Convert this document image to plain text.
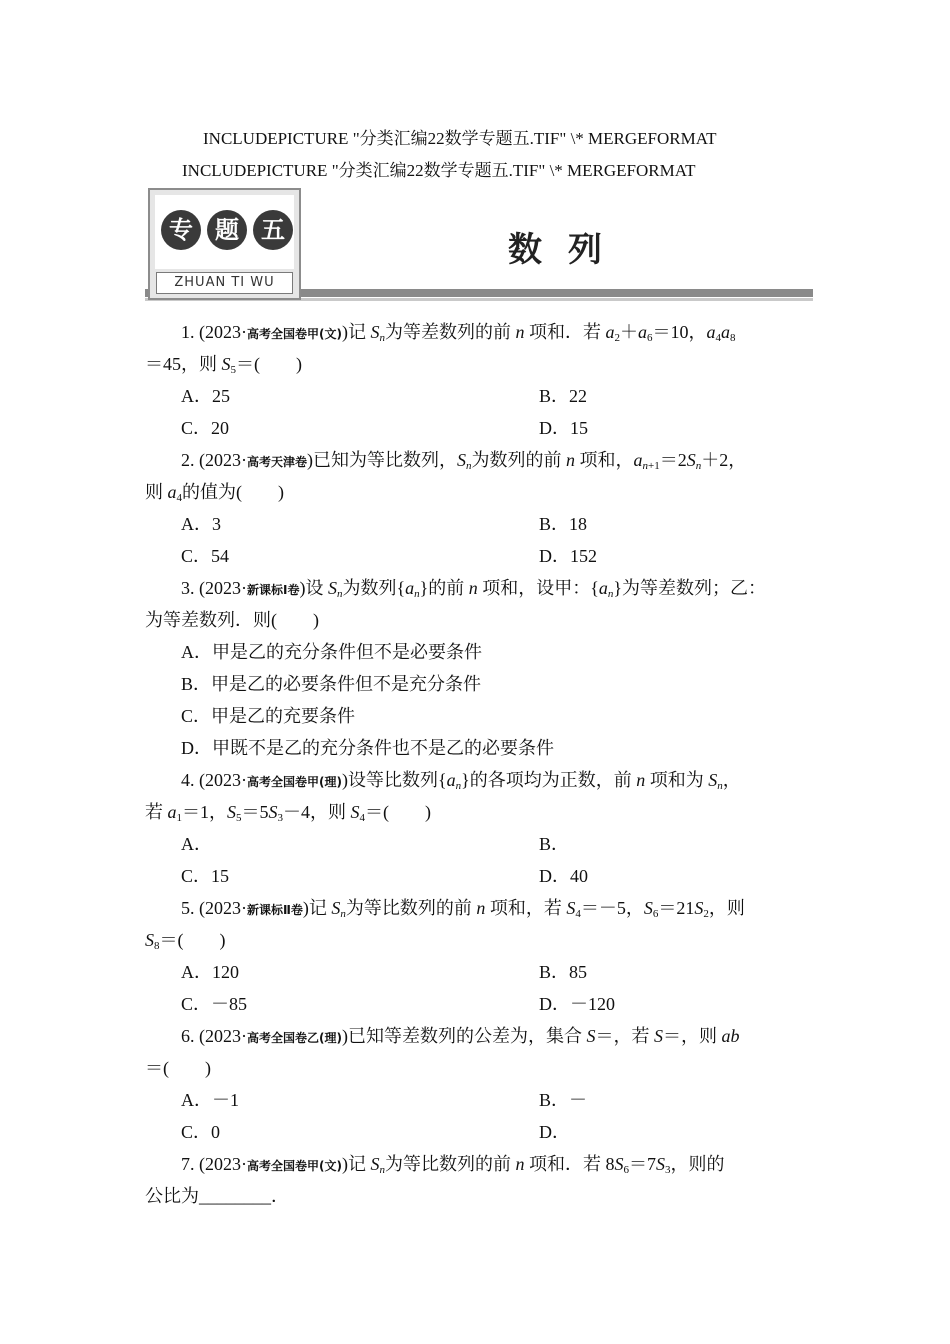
INCLUDEPICTURE "分类汇编22数学专题五.TIF" \* MERGEFORMAT
INCLUDEPICTURE "分类汇编22数学专题五.TIF" \* MERGEFORMAT
专 题 五
ZHUAN TI WU
数列
1. (2023·高考全国卷甲(文))记 $S_n$为等差数列的前 n 项和．若 $a_2+a_6=10$，$a_4a_8$
＝45，则 $S_5=$(　　)
A．25	B．22
C．20	D．15
2. (2023·高考天津卷)已知为等比数列，$S_n$为数列的前 n 项和，$a_{n+1}=2S_n+2$，
则 $a_4$的值为(　　)
A．3	B．18
C．54	D．152
3. (2023·新课标Ⅰ卷)设 $S_n$为数列$\{a_n\}$的前 n 项和，设甲：$\{a_n\}$为等差数列；乙：
为等差数列．则(　　)
A．甲是乙的充分条件但不是必要条件
B．甲是乙的必要条件但不是充分条件
C．甲是乙的充要条件
D．甲既不是乙的充分条件也不是乙的必要条件
4. (2023·高考全国卷甲(理))设等比数列$\{a_n\}$的各项均为正数，前 n 项和为 $S_n$，
若 $a_1=1$，$S_5=5S_3-4$，则 $S_4=$(　　)
A．	B．
C．15	D．40
5. (2023·新课标Ⅱ卷)记 $S_n$为等比数列的前 n 项和，若 $S_4=-5$，$S_6=21S_2$，则
$S_8=$(　　)
A．120	B．85
C．－85	D．－120
6. (2023·高考全国卷乙(理))已知等差数列的公差为，集合 S＝，若 S＝，则 ab
＝(　　)
A．－1	B．－
C．0	D．
7. (2023·高考全国卷甲(文))记 $S_n$为等比数列的前 n 项和．若 $8S_6=7S_3$，则的
公比为________．
